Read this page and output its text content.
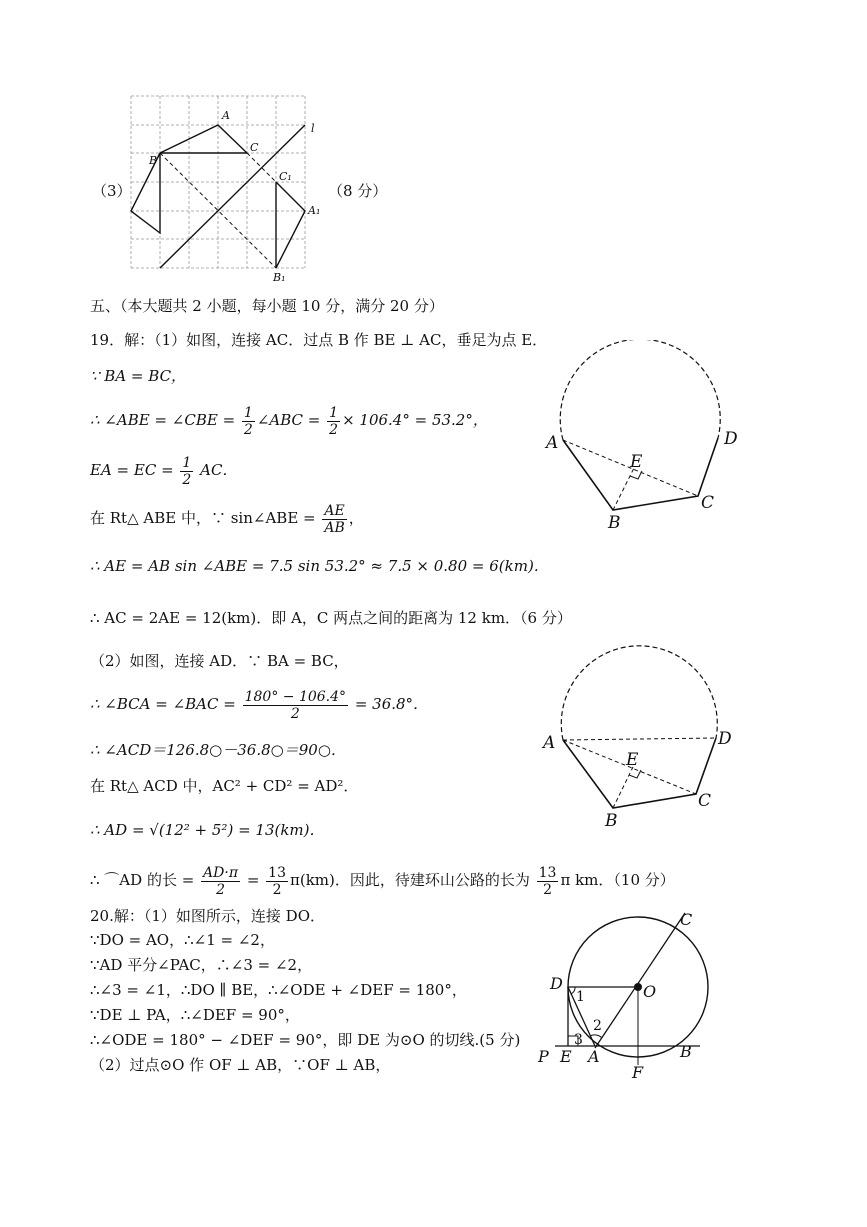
（3）
A
C
B
l
C₁
A₁
B₁
（8 分）
五、（本大题共 2 小题，每小题 10 分，满分 20 分）
19．解：（1）如图，连接 AC．过点 B 作 BE ⊥ AC，垂足为点 E．
∵ BA = BC，
∴ ∠ABE = ∠CBE = $\frac{1}{2}$ ∠ABC = $\frac{1}{2} \times 106.4^\circ = 53.2^\circ$，
EA = EC = $\frac{1}{2}$ AC．
在 Rt△ ABE 中，∵ sin∠ABE = $\frac{AE}{AB}$ ，
∴ AE = AB sin ∠ABE = 7.5 sin 53.2° ≈ 7.5 × 0.80 = 6(km)．
∴ AC = 2AE = 12(km)．即 A，C 两点之间的距离为 12 km．（6 分）
（2）如图，连接 AD．∵ BA = BC，
∴ ∠BCA = ∠BAC = $\frac{180^\circ - 106.4^\circ}{2} = 36.8^\circ$．
∴ ∠ACD＝126.8○－36.8○＝90○．
在 Rt△ ACD 中，AC² + CD² = AD²．
∴ AD = √(12² + 5²) = 13(km)．
∴ ⌒AD 的长 = $\frac{AD\cdot\pi}{2} = \frac{13}{2} \pi(km)$．因此，待建环山公路的长为 $\frac{13}{2}$ π km．（10 分）
A
B
C
D
E
A
B
C
D
E
20.解：（1）如图所示，连接 DO．
∵DO = AO，∴∠1 = ∠2，
∵AD 平分∠PAC，∴∠3 = ∠2，
∴∠3 = ∠1，∴DO ∥ BE，∴∠ODE + ∠DEF = 180°，
∵DE ⊥ PA，∴∠DEF = 90°，
∴∠ODE = 180° − ∠DEF = 90°，即 DE 为⊙O 的切线.(5 分)
（2）过点⊙O 作 OF ⊥ AB，∵OF ⊥ AB，
C
D	O
P E A	B
F
1
2
3
